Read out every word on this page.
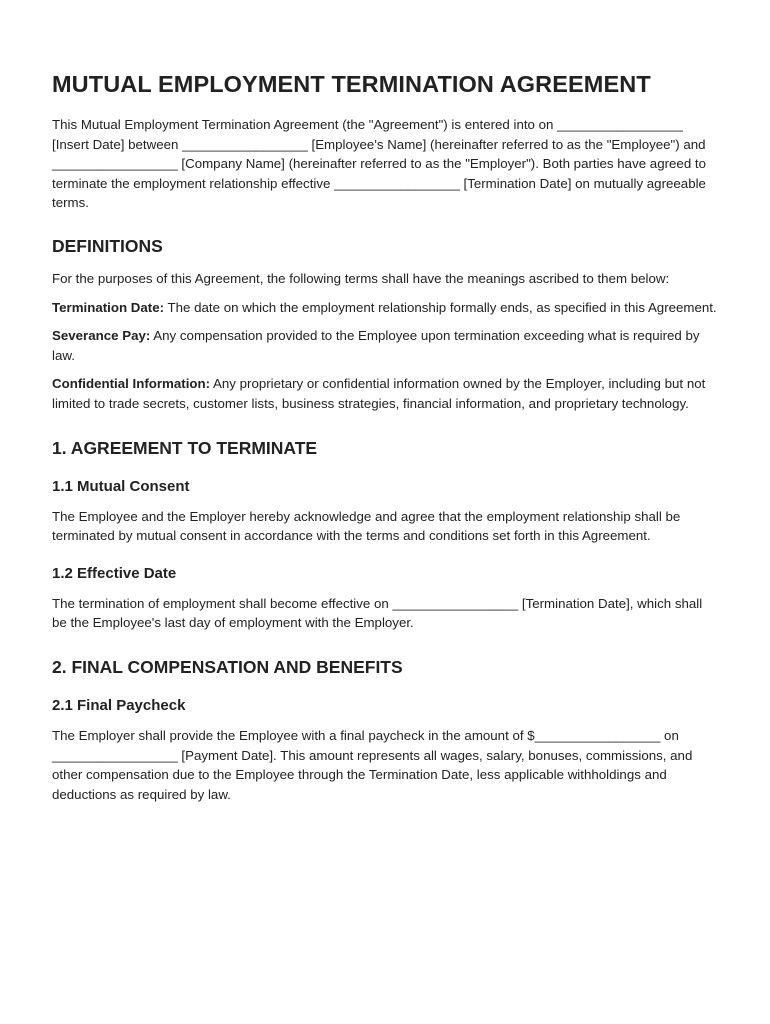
MUTUAL EMPLOYMENT TERMINATION AGREEMENT

This Mutual Employment Termination Agreement (the "Agreement") is entered into on _________________ [Insert Date] between _________________ [Employee's Name] (hereinafter referred to as the "Employee") and _________________ [Company Name] (hereinafter referred to as the "Employer"). Both parties have agreed to terminate the employment relationship effective _________________ [Termination Date] on mutually agreeable terms.

DEFINITIONS

For the purposes of this Agreement, the following terms shall have the meanings ascribed to them below:

Termination Date: The date on which the employment relationship formally ends, as specified in this Agreement.

Severance Pay: Any compensation provided to the Employee upon termination exceeding what is required by law.

Confidential Information: Any proprietary or confidential information owned by the Employer, including but not limited to trade secrets, customer lists, business strategies, financial information, and proprietary technology.

1. AGREEMENT TO TERMINATE
1.1 Mutual Consent

The Employee and the Employer hereby acknowledge and agree that the employment relationship shall be terminated by mutual consent in accordance with the terms and conditions set forth in this Agreement.

1.2 Effective Date

The termination of employment shall become effective on _________________ [Termination Date], which shall be the Employee's last day of employment with the Employer.

2. FINAL COMPENSATION AND BENEFITS
2.1 Final Paycheck

The Employer shall provide the Employee with a final paycheck in the amount of $_________________ on _________________ [Payment Date]. This amount represents all wages, salary, bonuses, commissions, and other compensation due to the Employee through the Termination Date, less applicable withholdings and deductions as required by law.
